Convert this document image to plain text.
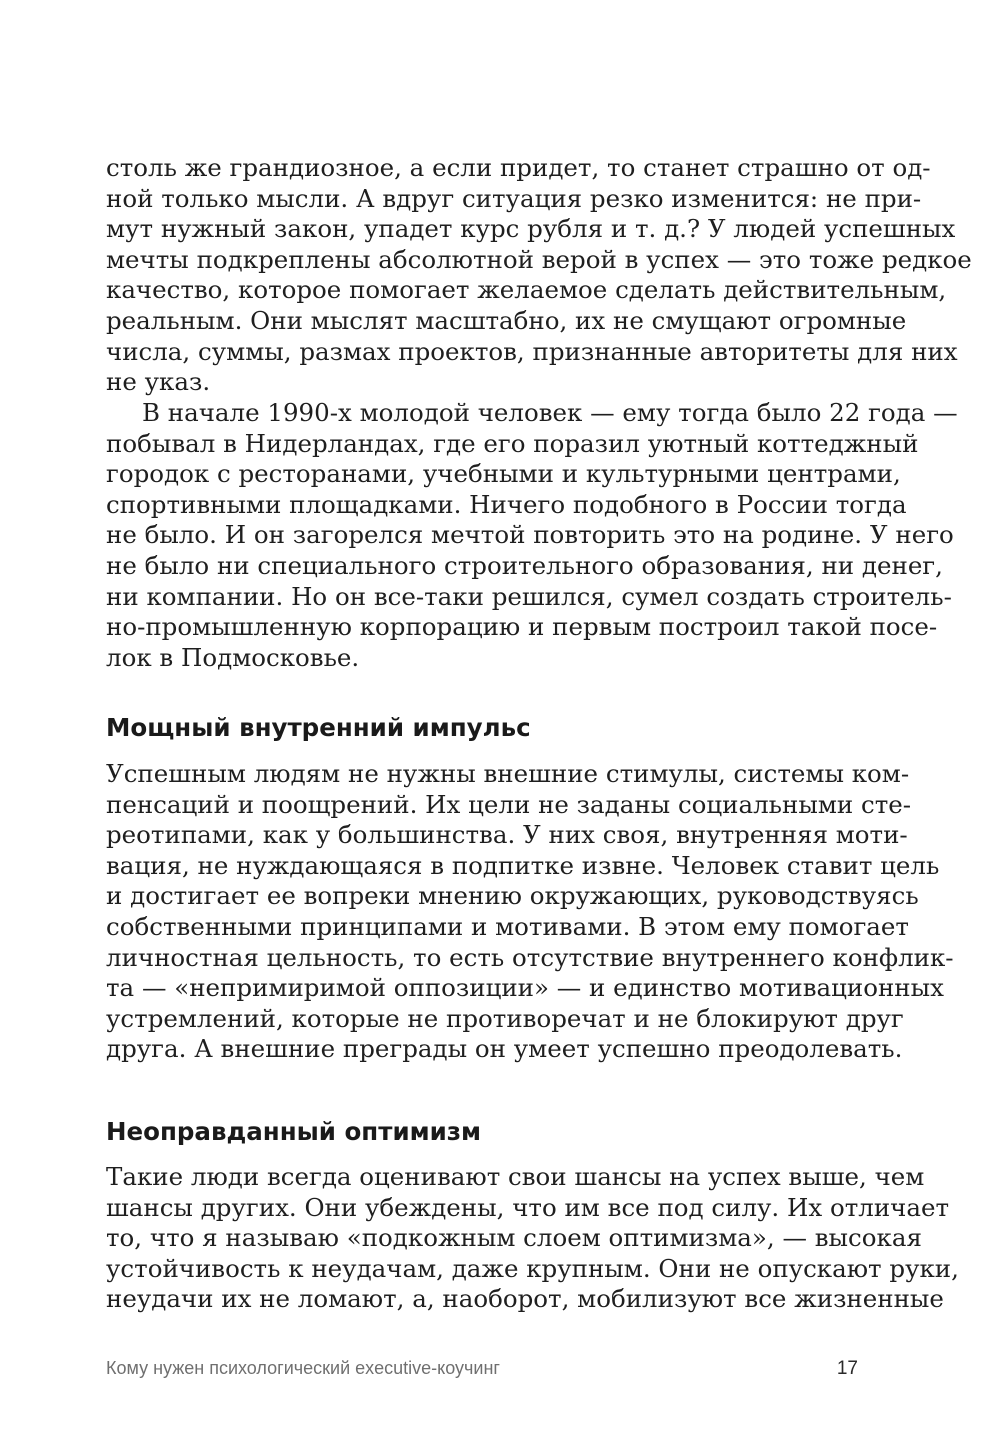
столь же грандиозное, а если придет, то станет страшно от од-
ной только мысли. А вдруг ситуация резко изменится: не при-
мут нужный закон, упадет курс рубля и т. д.? У людей успешных
мечты подкреплены абсолютной верой в успех — это тоже редкое
качество, которое помогает желаемое сделать действительным,
реальным. Они мыслят масштабно, их не смущают огромные
числа, суммы, размах проектов, признанные авторитеты для них
не указ.
В начале 1990-х молодой человек — ему тогда было 22 года —
побывал в Нидерландах, где его поразил уютный коттеджный
городок с ресторанами, учебными и культурными центрами,
спортивными площадками. Ничего подобного в России тогда
не было. И он загорелся мечтой повторить это на родине. У него
не было ни специального строительного образования, ни денег,
ни компании. Но он все-таки решился, сумел создать строитель-
но-промышленную корпорацию и первым построил такой посе-
лок в Подмосковье.
Мощный внутренний импульс
Успешным людям не нужны внешние стимулы, системы ком-
пенсаций и поощрений. Их цели не заданы социальными сте-
реотипами, как у большинства. У них своя, внутренняя моти-
вация, не нуждающаяся в подпитке извне. Человек ставит цель
и достигает ее вопреки мнению окружающих, руководствуясь
собственными принципами и мотивами. В этом ему помогает
личностная цельность, то есть отсутствие внутреннего конфлик-
та — «непримиримой оппозиции» — и единство мотивационных
устремлений, которые не противоречат и не блокируют друг
друга. А внешние преграды он умеет успешно преодолевать.
Неоправданный оптимизм
Такие люди всегда оценивают свои шансы на успех выше, чем
шансы других. Они убеждены, что им все под силу. Их отличает
то, что я называю «подкожным слоем оптимизма», — высокая
устойчивость к неудачам, даже крупным. Они не опускают руки,
неудачи их не ломают, а, наоборот, мобилизуют все жизненные
Кому нужен психологический executive-коучинг	17
